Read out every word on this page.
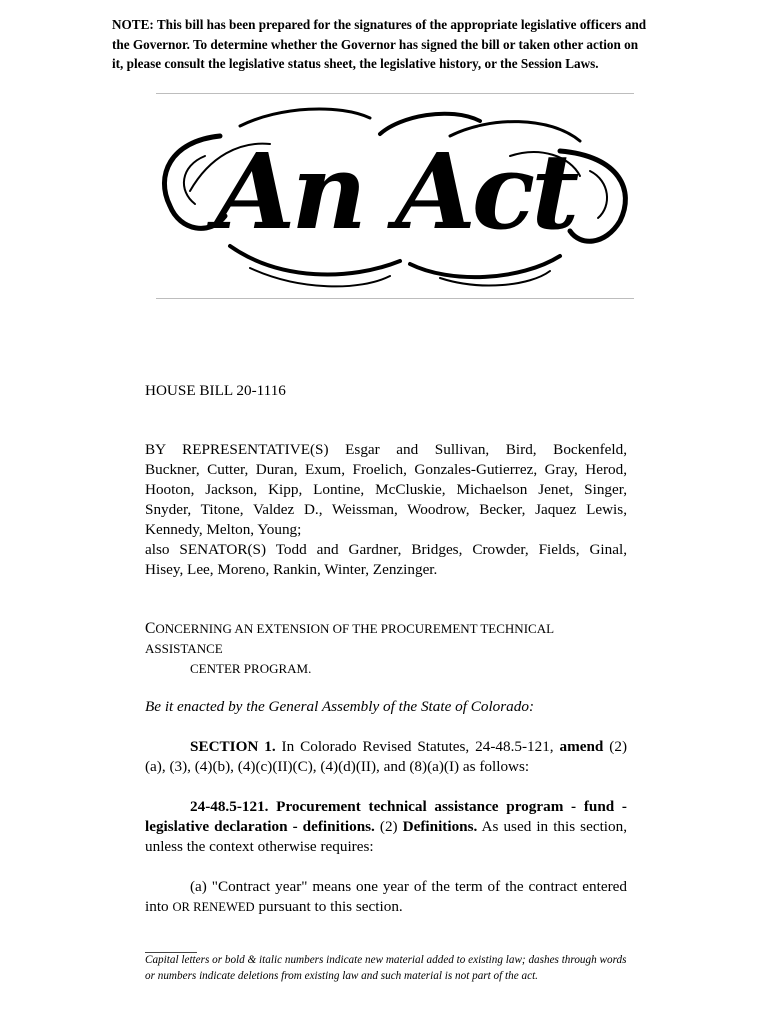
NOTE: This bill has been prepared for the signatures of the appropriate legislative officers and the Governor. To determine whether the Governor has signed the bill or taken other action on it, please consult the legislative status sheet, the legislative history, or the Session Laws.
An Act
HOUSE BILL 20-1116
BY REPRESENTATIVE(S) Esgar and Sullivan, Bird, Bockenfeld,
Buckner, Cutter, Duran, Exum, Froelich, Gonzales-Gutierrez, Gray, Herod,
Hooton, Jackson, Kipp, Lontine, McCluskie, Michaelson Jenet, Singer,
Snyder, Titone, Valdez D., Weissman, Woodrow, Becker, Jaquez Lewis,
Kennedy, Melton, Young;
also SENATOR(S) Todd and Gardner, Bridges, Crowder, Fields, Ginal,
Hisey, Lee, Moreno, Rankin, Winter, Zenzinger.
CONCERNING AN EXTENSION OF THE PROCUREMENT TECHNICAL ASSISTANCE
CENTER PROGRAM.
Be it enacted by the General Assembly of the State of Colorado:
SECTION 1. In Colorado Revised Statutes, 24-48.5-121, amend (2)(a), (3), (4)(b), (4)(c)(II)(C), (4)(d)(II), and (8)(a)(I) as follows:
24-48.5-121. Procurement technical assistance program - fund - legislative declaration - definitions. (2) Definitions. As used in this section, unless the context otherwise requires:
(a) "Contract year" means one year of the term of the contract entered into OR RENEWED pursuant to this section.
Capital letters or bold & italic numbers indicate new material added to existing law; dashes through words or numbers indicate deletions from existing law and such material is not part of the act.
